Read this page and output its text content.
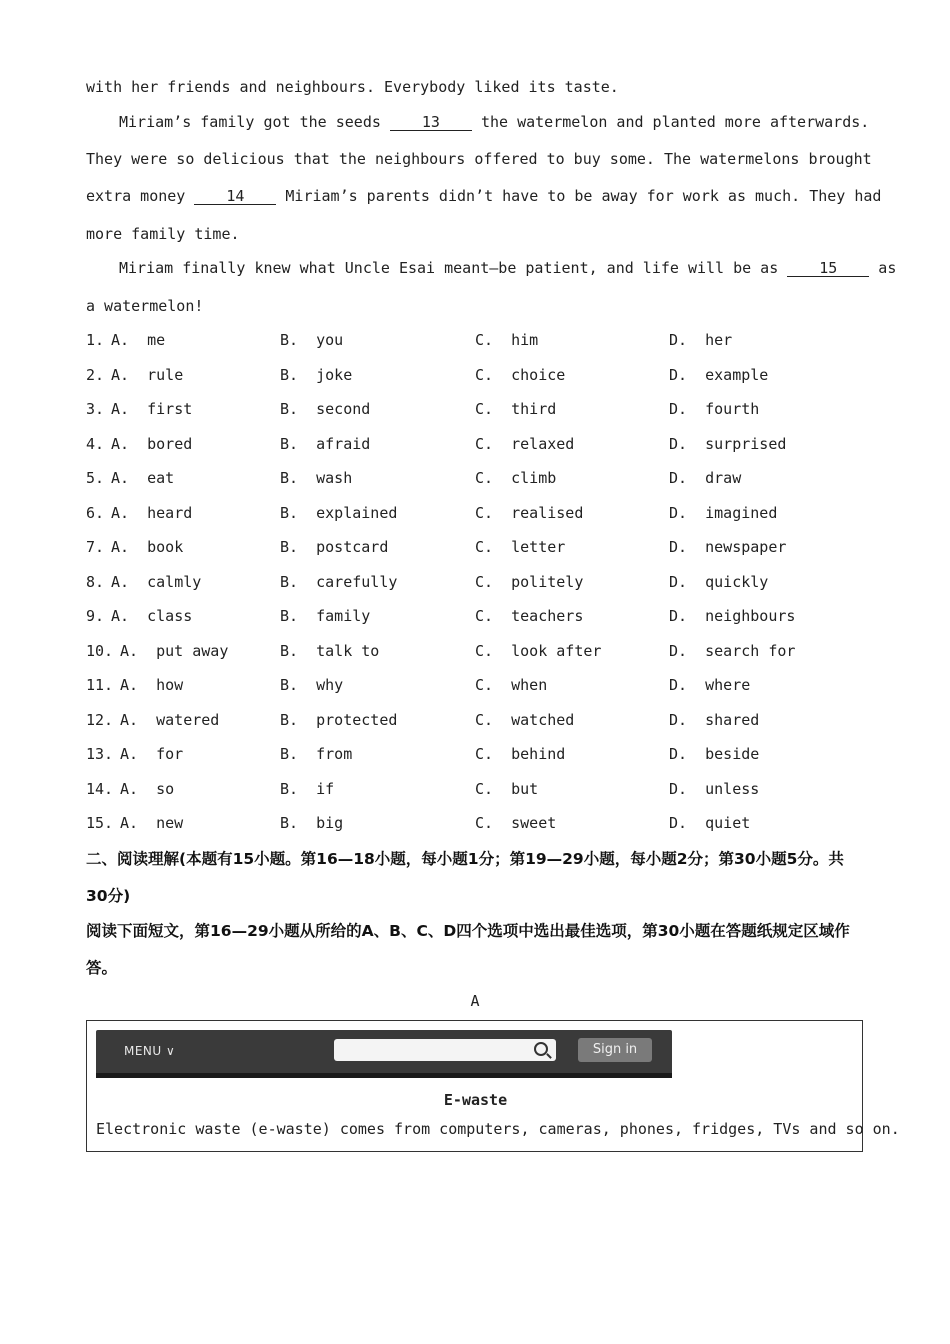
with her friends and neighbours. Everybody liked its taste.
Miriam’s family got the seeds 13 the watermelon and planted more afterwards.
They were so delicious that the neighbours offered to buy some. The watermelons brought
extra money 14 Miriam’s parents didn’t have to be away for work as much. They had
more family time.
Miriam finally knew what Uncle Esai meant—be patient, and life will be as 15 as
a watermelon!
1. A.  me	B.  you	C.  him	D.  her
2. A.  rule	B.  joke	C.  choice	D.  example
3. A.  first	B.  second	C.  third	D.  fourth
4. A.  bored	B.  afraid	C.  relaxed	D.  surprised
5. A.  eat	B.  wash	C.  climb	D.  draw
6. A.  heard	B.  explained	C.  realised	D.  imagined
7. A.  book	B.  postcard	C.  letter	D.  newspaper
8. A.  calmly	B.  carefully	C.  politely	D.  quickly
9. A.  class	B.  family	C.  teachers	D.  neighbours
10. A.  put away	B.  talk to	C.  look after	D.  search for
11. A.  how	B.  why	C.  when	D.  where
12. A.  watered	B.  protected	C.  watched	D.  shared
13. A.  for	B.  from	C.  behind	D.  beside
14. A.  so	B.  if	C.  but	D.  unless
15. A.  new	B.  big	C.  sweet	D.  quiet
二、阅读理解(本题有15小题。第16—18小题，每小题1分；第19—29小题，每小题2分；第30小题5分。共
30分)
阅读下面短文，第16—29小题从所给的A、B、C、D四个选项中选出最佳选项，第30小题在答题纸规定区域作
答。
A
MENU ∨	Sign in
E-waste
Electronic waste (e-waste) comes from computers, cameras, phones, fridges, TVs and so on.
